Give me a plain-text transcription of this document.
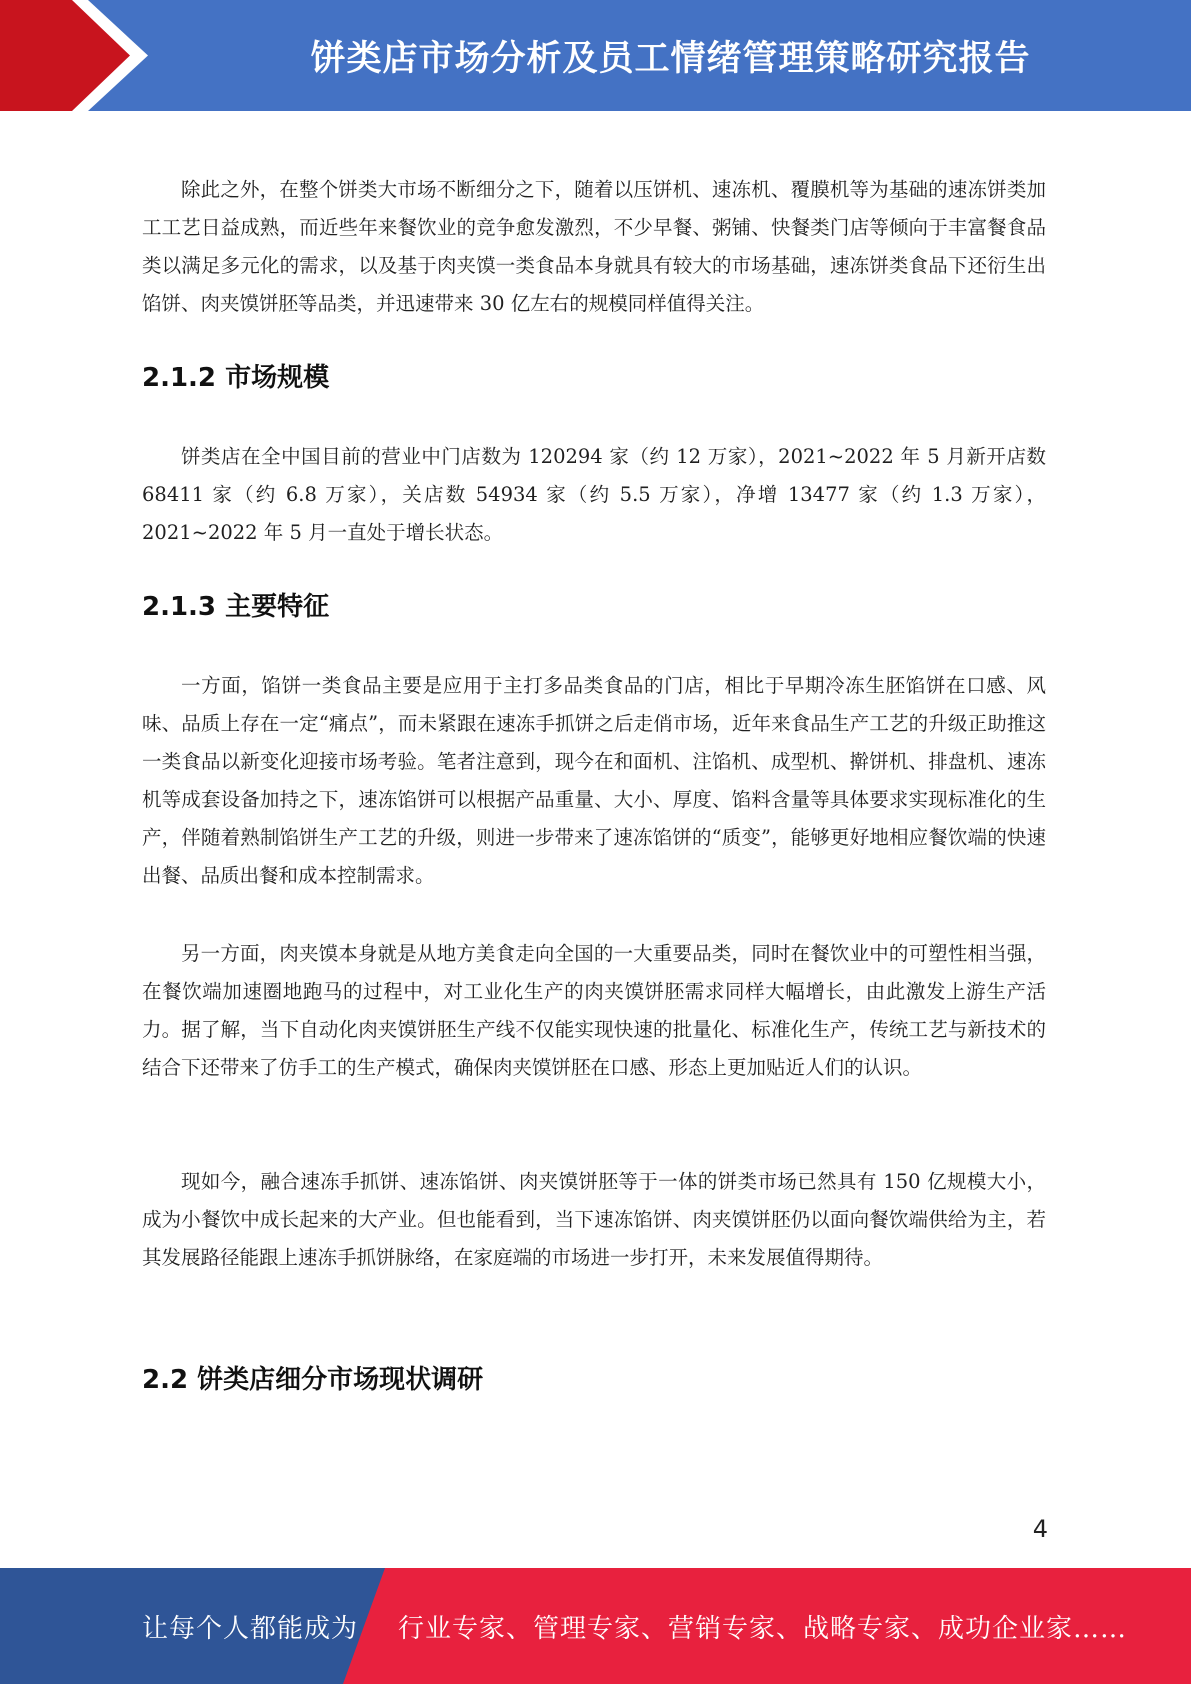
饼类店市场分析及员工情绪管理策略研究报告

除此之外，在整个饼类大市场不断细分之下，随着以压饼机、速冻机、覆膜机等为基础的速冻饼类加工工艺日益成熟，而近些年来餐饮业的竞争愈发激烈，不少早餐、粥铺、快餐类门店等倾向于丰富餐食品类以满足多元化的需求，以及基于肉夹馍一类食品本身就具有较大的市场基础，速冻饼类食品下还衍生出馅饼、肉夹馍饼胚等品类，并迅速带来 30 亿左右的规模同样值得关注。

2.1.2 市场规模

饼类店在全中国目前的营业中门店数为 120294 家（约 12 万家），2021~2022 年 5 月新开店数 68411 家（约 6.8 万家），关店数 54934 家（约 5.5 万家），净增 13477 家（约 1.3 万家），2021~2022 年 5 月一直处于增长状态。

2.1.3 主要特征

一方面，馅饼一类食品主要是应用于主打多品类食品的门店，相比于早期冷冻生胚馅饼在口感、风味、品质上存在一定“痛点”，而未紧跟在速冻手抓饼之后走俏市场，近年来食品生产工艺的升级正助推这一类食品以新变化迎接市场考验。笔者注意到，现今在和面机、注馅机、成型机、擀饼机、排盘机、速冻机等成套设备加持之下，速冻馅饼可以根据产品重量、大小、厚度、馅料含量等具体要求实现标准化的生产，伴随着熟制馅饼生产工艺的升级，则进一步带来了速冻馅饼的“质变”，能够更好地相应餐饮端的快速出餐、品质出餐和成本控制需求。

另一方面，肉夹馍本身就是从地方美食走向全国的一大重要品类，同时在餐饮业中的可塑性相当强，在餐饮端加速圈地跑马的过程中，对工业化生产的肉夹馍饼胚需求同样大幅增长，由此激发上游生产活力。据了解，当下自动化肉夹馍饼胚生产线不仅能实现快速的批量化、标准化生产，传统工艺与新技术的结合下还带来了仿手工的生产模式，确保肉夹馍饼胚在口感、形态上更加贴近人们的认识。

现如今，融合速冻手抓饼、速冻馅饼、肉夹馍饼胚等于一体的饼类市场已然具有 150 亿规模大小，成为小餐饮中成长起来的大产业。但也能看到，当下速冻馅饼、肉夹馍饼胚仍以面向餐饮端供给为主，若其发展路径能跟上速冻手抓饼脉络，在家庭端的市场进一步打开，未来发展值得期待。

2.2 饼类店细分市场现状调研
4
让每个人都能成为 行业专家、管理专家、营销专家、战略专家、成功企业家……
